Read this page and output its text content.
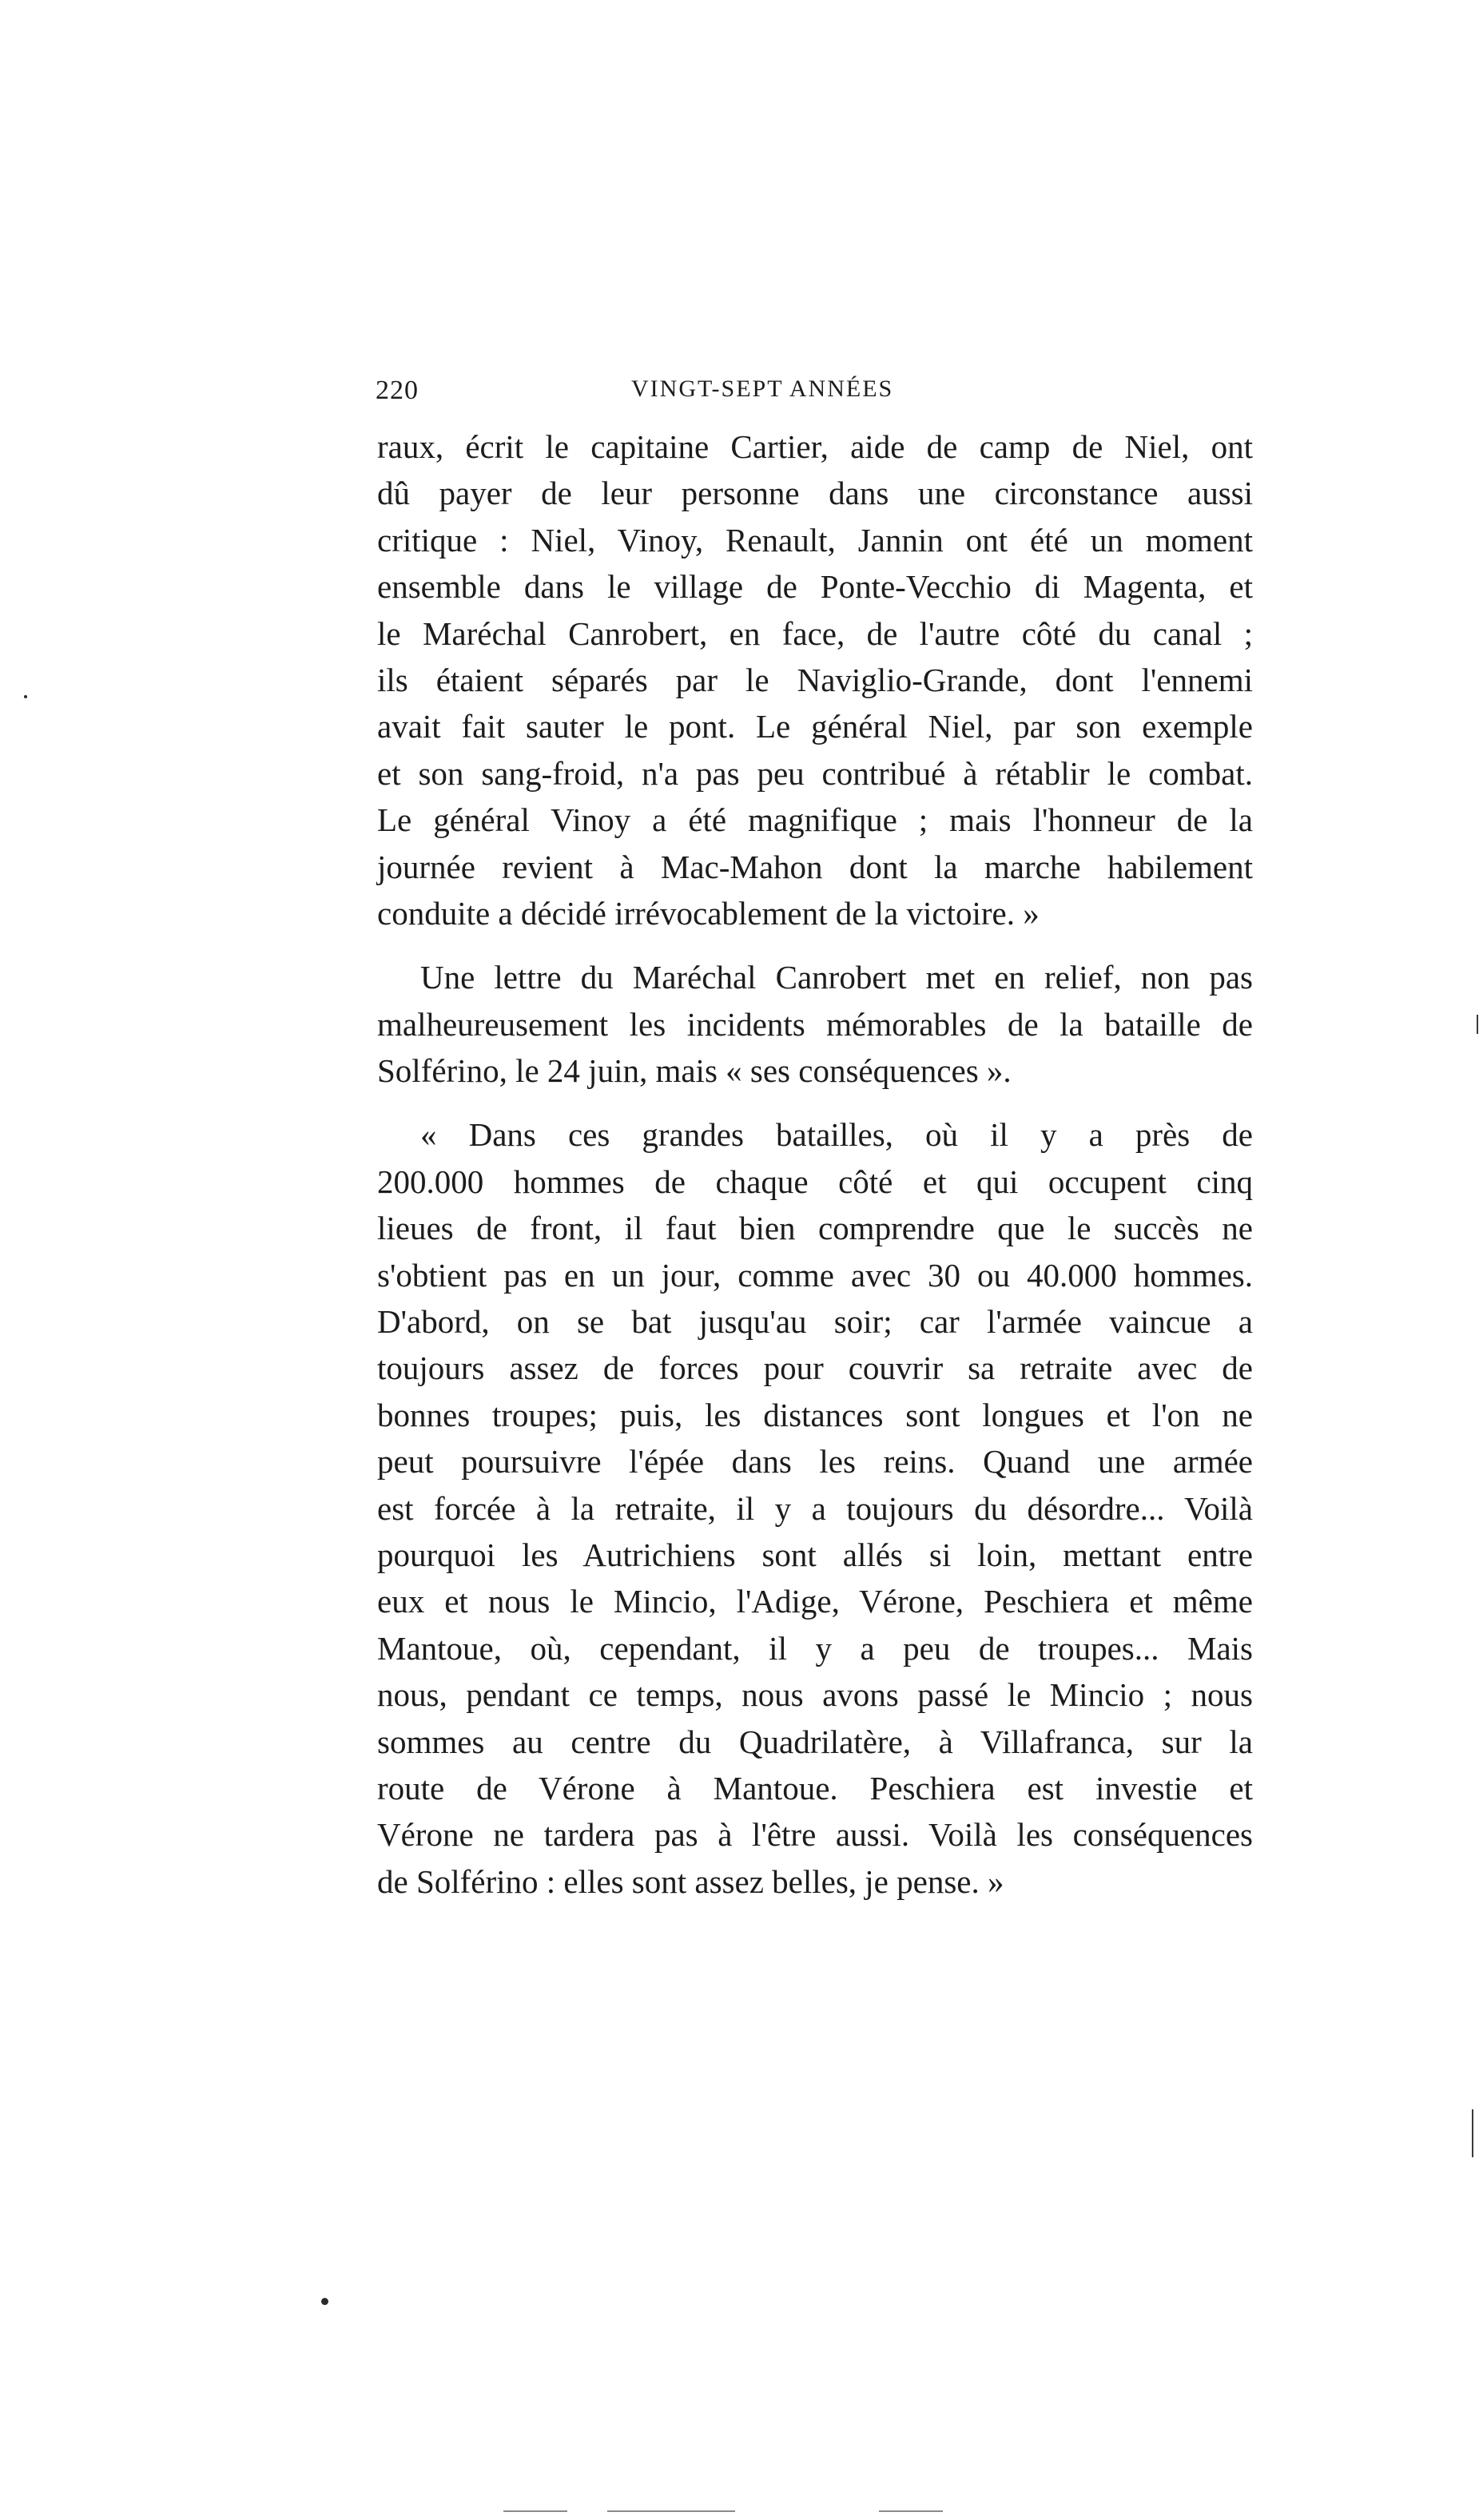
220	VINGT-SEPT ANNÉES
raux, écrit le capitaine Cartier, aide de camp de Niel, ont
dû payer de leur personne dans une circonstance aussi
critique : Niel, Vinoy, Renault, Jannin ont été un moment
ensemble dans le village de Ponte-Vecchio di Magenta, et
le Maréchal Canrobert, en face, de l'autre côté du canal ;
ils étaient séparés par le Naviglio-Grande, dont l'ennemi
avait fait sauter le pont. Le général Niel, par son exemple
et son sang-froid, n'a pas peu contribué à rétablir le combat.
Le général Vinoy a été magnifique ; mais l'honneur de la
journée revient à Mac-Mahon dont la marche habilement
conduite a décidé irrévocablement de la victoire. »
Une lettre du Maréchal Canrobert met en relief, non pas
malheureusement les incidents mémorables de la bataille de
Solférino, le 24 juin, mais « ses conséquences ».
« Dans ces grandes batailles, où il y a près de
200.000 hommes de chaque côté et qui occupent cinq
lieues de front, il faut bien comprendre que le succès ne
s'obtient pas en un jour, comme avec 30 ou 40.000 hommes.
D'abord, on se bat jusqu'au soir; car l'armée vaincue a
toujours assez de forces pour couvrir sa retraite avec de
bonnes troupes; puis, les distances sont longues et l'on ne
peut poursuivre l'épée dans les reins. Quand une armée
est forcée à la retraite, il y a toujours du désordre... Voilà
pourquoi les Autrichiens sont allés si loin, mettant entre
eux et nous le Mincio, l'Adige, Vérone, Peschiera et même
Mantoue, où, cependant, il y a peu de troupes... Mais
nous, pendant ce temps, nous avons passé le Mincio ; nous
sommes au centre du Quadrilatère, à Villafranca, sur la
route de Vérone à Mantoue. Peschiera est investie et
Vérone ne tardera pas à l'être aussi. Voilà les conséquences
de Solférino : elles sont assez belles, je pense. »
